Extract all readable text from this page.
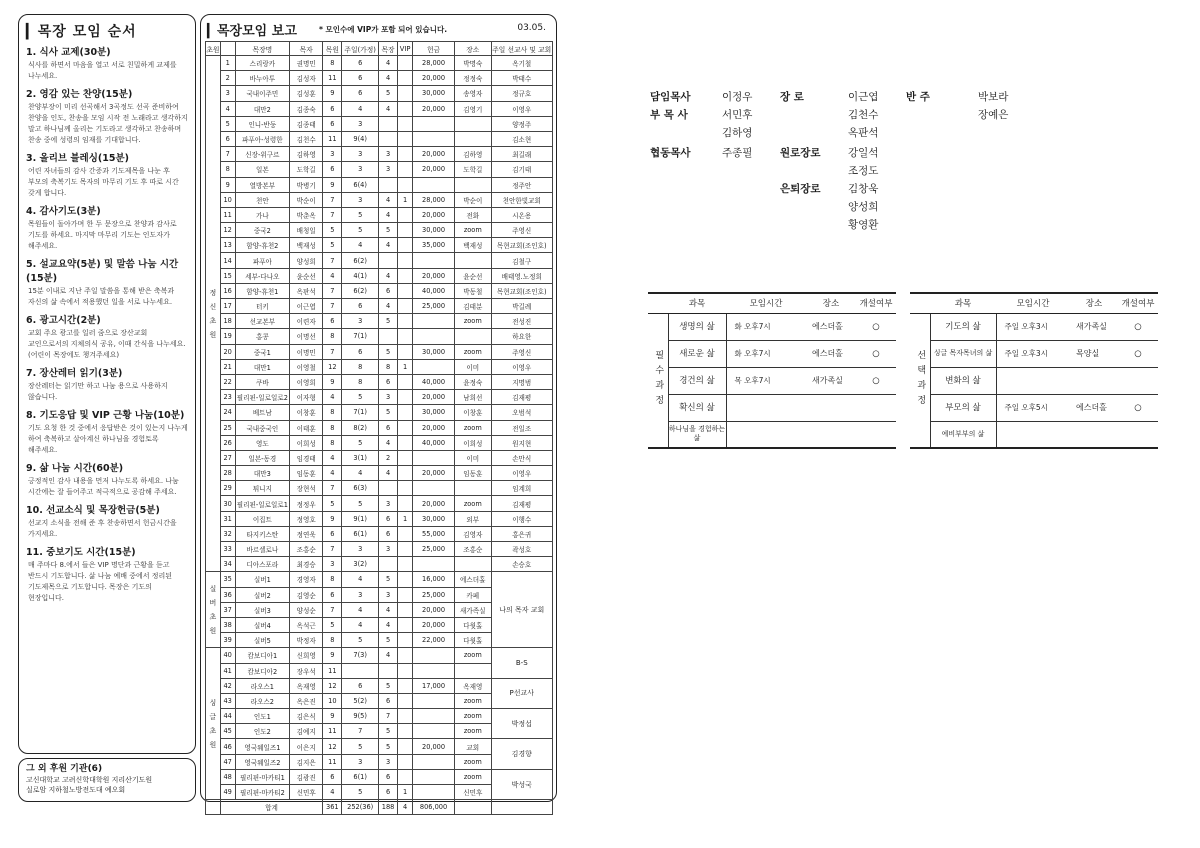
▎목장 모임 순서
1. 식사 교제(30분)
식사를 하면서 마음을 열고 서로 친밀하게 교제를 나누세요.
2. 영감 있는 찬양(15분)
찬양부장이 미리 선곡해서 3곡정도 선곡 준비하여 찬양을 인도, 찬송을 모임 시작 전 노래라고 생각하지 말고 하나님께 올리는 기도라고 생각하고 찬송하며 찬송 중에 성령의 임재를 기대합니다.
3. 올리브 블레싱(15분)
어린 자녀들의 감사 간증과 기도제목을 나눈 후 부모의 축복기도 목자의 마무리 기도 후 따로 시간 갖게 합니다.
4. 감사기도(3분)
목원들이 돌아가며 한 두 문장으로 찬양과 감사로 기도를 하세요. 마지막 마무리 기도는 인도자가 해주세요.
5. 설교요약(5분) 및 말씀 나눔 시간(15분)
15분 이내로 지난 주일 말씀을 통해 받은 축복과 자신의 삶 속에서 적용했던 일을 서로 나누세요.
6. 광고시간(2분)
교회 주요 광고를 일러 줌으로 장산교회 교인으로서의 지체의식 공유, 이때 간식을 나누세요.(어린이 목장에도 챙겨주세요)
7. 장산레터 읽기(3분)
장산레터는 읽기만 하고 나눔 용으로 사용하지 않습니다.
8. 기도응답 및 VIP 근황 나눔(10분)
기도 요청 한 것 중에서 응답받은 것이 있는지 나누게 하여 축복하고 살아계신 하나님을 경험토록 해주세요.
9. 삶 나눔 시간(60분)
긍정적인 감사 내용을 먼저 나누도록 하세요. 나눔 시간에는 잘 들어주고 적극적으로 공감해 주세요.
10. 선교소식 및 목장헌금(5분)
선교지 소식을 전해 준 후 찬송하면서 헌금시간을 가지세요.
11. 중보기도 시간(15분)
매 주마다 8.에서 들은 VIP 명단과 근황을 듣고 반드시 기도합니다. 삶 나눔 예배 중에서 정리된 기도제목으로 기도합니다. 목장은 기도의 현장입니다.
그 외 후원 기관(6)
고신대학교 고려신학대학원 지리산기도원
실로암 지하철노방전도대 예오회
▎목장모임 보고	* 모인수에 VIP가 포함 되어 있습니다.	03.05.
초원		목장명	목자	목원	주일(가정)	목장	VIP	헌금	장소	주일 선교사 및 교회
정신초원	1	스리랑카	권명민	8	6	4		28,000	박명숙	옥기철
	2	바누아투	김성자	11	6	4		20,000	정정숙	박태수
	3	국내이주민	김성훈	9	6	5		30,000	송영자	정규호
	4	대만2	김종숙	6	4	4		20,000	김영기	이영우
	5	인니-반둥	김종태	6	3					양정주
	6	파푸아-성령한	김천수	11	9(4)					김소현
	7	신장-위구르	김하영	3	3	3		20,000	김하영	최길래
	8	일본	도학길	6	3	3		20,000	도학길	김기태
	9	열방본부	박병기	9	6(4)					정주안
	10	천안	박순이	7	3	4	1	28,000	박순이	천안한빛교회
	11	가나	박춘옥	7	5	4		20,000	전화	시온용
	12	중국2	배청일	5	5	5		30,000	zoom	주영신
	13	함양-휴천2	백재성	5	4	4		35,000	백재성	목현교회(조인호)
	14	파푸아	양성희	7	6(2)					김철구
	15	세부-다나오	윤순선	4	4(1)	4		20,000	윤순선	배태영.노정희
	16	함양-휴천1	옥판석	7	6(2)	6		40,000	박동철	목현교회(조인호)
	17	터키	이근엽	7	6	4		25,000	김태분	박길례
	18	선교본부	이련자	6	3	5			zoom	전성진
	19	홍콩	이명선	8	7(1)					하요한
	20	중국1	이명민	7	6	5		30,000	zoom	주영신
	21	대만1	이영철	12	8	8	1		이미	이영우
	22	쿠바	이영희	9	8	6		40,000	윤정숙	지명범
	23	필리핀-일로일로2	이자형	4	5	3		20,000	남희선	김재평
	24	베트남	이창훈	8	7(1)	5		30,000	이창훈	오범석
	25	국내중국인	이태훈	8	8(2)	6		20,000	zoom	전일조
	26	영도	이희성	8	5	4		40,000	이희성	원지현
	27	일본-동경	임경태	4	3(1)	2			이미	손만식
	28	대만3	임동훈	4	4	4		20,000	임동훈	이영우
	29	튀니지	장현석	7	6(3)					임계희
	30	필리핀-일로일로1	정정우	5	5	3		20,000	zoom	김재평
	31	이집트	정영호	9	9(1)	6	1	30,000	외부	이행수
	32	타지키스탄	정연욱	6	6(1)	6		55,000	김영자	홍은귀
	33	바르셀로나	조홍순	7	3	3		25,000	조홍순	곽성호
	34	디아스포라	최경승	3	3(2)					손승호
실버초원	35	실버1	경영자	8	4	5		16,000	에스더홀	나의 목자 교회
	36	실버2	김영순	6	3	3		25,000	카페	
	37	실버3	양성순	7	4	4		20,000	새가족실	
	38	실버4	옥석근	5	4	4		20,000	다윗홀	
	39	실버5	박정자	8	5	5		22,000	다윗홀	
싱글초원	40	캄보디아1	신희영	9	7(3)	4			zoom	B-S
	41	캄보디아2	장우석	11						
	42	라오스1	옥재영	12	6	5		17,000	옥재영	P선교사
	43	라오스2	옥은진	10	5(2)	6			zoom	
	44	인도1	김은식	9	9(5)	7			zoom	박정섭
	45	인도2	김예지	11	7	5			zoom	
	46	영국웨일즈1	이은지	12	5	5		20,000	교회	김경향
	47	영국웨일즈2	김지은	11	3	3			zoom	
	48	필리핀-마카티1	김광진	6	6(1)	6			zoom	박성국
	49	필리핀-마카티2	신민후	4	5	6	1		신민후	
	합계			361	252(36)	188	4	806,000		
담임목사	이정우
부 목 사	서민후
김하영
협동목사	주종필
장 로	이근엽
김천수
옥판석
원로장로	강일석
조정도
은퇴장로	김창욱
양성희
황영환
반 주	박보라
장예은
	과목	모임시간	장소	개설여부
필수과정	생명의 삶	화 오후7시	에스더홀	○
	새로운 삶	화 오후7시	에스더홀	○
	경건의 삶	목 오후7시	새가족실	○
	확신의 삶			
	하나님을 경험하는 삶			
	과목	모임시간	장소	개설여부
선택과정	기도의 삶	주일 오후3시	새가족실	○
	싱글 목자목녀의 삶	주일 오후3시	목양실	○
	변화의 삶			
	부모의 삶	주일 오후5시	에스더홀	○
	예비부부의 삶			
